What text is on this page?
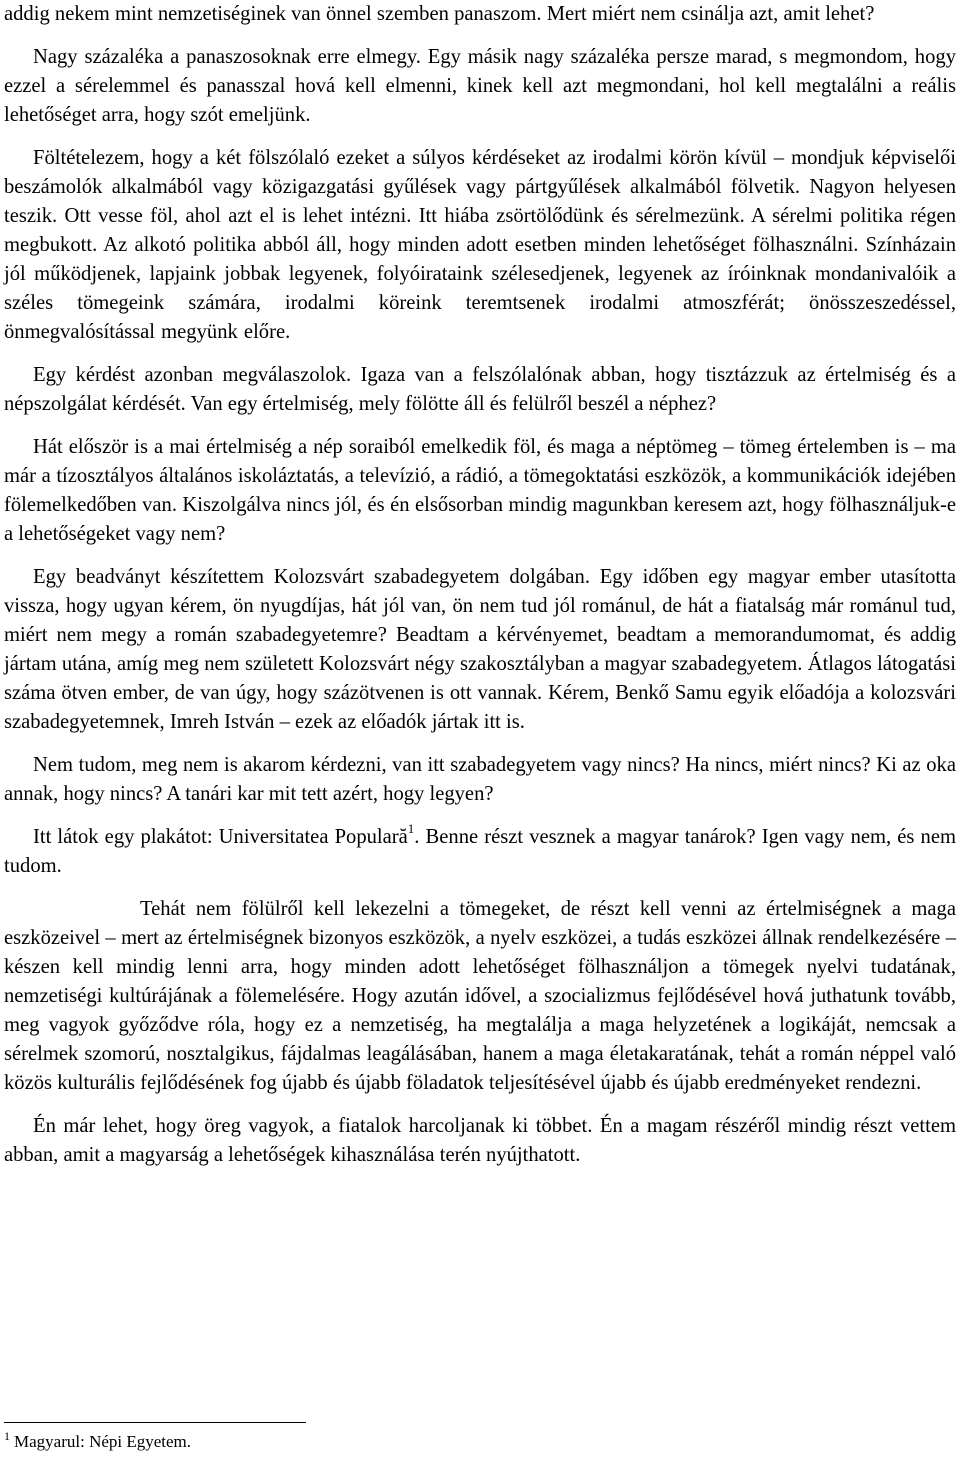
addig nekem mint nemzetiséginek van önnel szemben panaszom. Mert miért nem csinálja azt, amit lehet?

Nagy százaléka a panaszosoknak erre elmegy. Egy másik nagy százaléka persze marad, s megmondom, hogy ezzel a sérelemmel és panasszal hová kell elmenni, kinek kell azt megmondani, hol kell megtalálni a reális lehetőséget arra, hogy szót emeljünk.

Föltételezem, hogy a két fölszólaló ezeket a súlyos kérdéseket az irodalmi körön kívül – mondjuk képviselői beszámolók alkalmából vagy közigazgatási gyűlések vagy pártgyűlések alkalmából fölvetik. Nagyon helyesen teszik. Ott vesse föl, ahol azt el is lehet intézni. Itt hiába zsörtölődünk és sérelmezünk. A sérelmi politika régen megbukott. Az alkotó politika abból áll, hogy minden adott esetben minden lehetőséget fölhasználni. Színházain jól működjenek, lapjaink jobbak legyenek, folyóirataink szélesedjenek, legyenek az íróinknak mondanivalóik a széles tömegeink számára, irodalmi köreink teremtsenek irodalmi atmoszférát; önösszeszedéssel, önmegvalósítással megyünk előre.

Egy kérdést azonban megválaszolok. Igaza van a felszólalónak abban, hogy tisztázzuk az értelmiség és a népszolgálat kérdését. Van egy értelmiség, mely fölötte áll és felülről beszél a néphez?

Hát először is a mai értelmiség a nép soraiból emelkedik föl, és maga a néptömeg – tömeg értelemben is – ma már a tízosztályos általános iskoláztatás, a televízió, a rádió, a tömegoktatási eszközök, a kommunikációk idejében fölemelkedőben van. Kiszolgálva nincs jól, és én elsősorban mindig magunkban keresem azt, hogy fölhasználjuk-e a lehetőségeket vagy nem?

Egy beadványt készítettem Kolozsvárt szabadegyetem dolgában. Egy időben egy magyar ember utasította vissza, hogy ugyan kérem, ön nyugdíjas, hát jól van, ön nem tud jól románul, de hát a fiatalság már románul tud, miért nem megy a román szabadegyetemre? Beadtam a kérvényemet, beadtam a memorandumomat, és addig jártam utána, amíg meg nem született Kolozsvárt négy szakosztályban a magyar szabadegyetem. Átlagos látogatási száma ötven ember, de van úgy, hogy százötvenen is ott vannak. Kérem, Benkő Samu egyik előadója a kolozsvári szabadegyetemnek, Imreh István – ezek az előadók jártak itt is.

Nem tudom, meg nem is akarom kérdezni, van itt szabadegyetem vagy nincs? Ha nincs, miért nincs? Ki az oka annak, hogy nincs? A tanári kar mit tett azért, hogy legyen?

Itt látok egy plakátot: Universitatea Populară$^1$. Benne részt vesznek a magyar tanárok? Igen vagy nem, és nem tudom.

Tehát nem fölülről kell lekezelni a tömegeket, de részt kell venni az értelmiségnek a maga eszközeivel – mert az értelmiségnek bizonyos eszközök, a nyelv eszközei, a tudás eszközei állnak rendelkezésére – készen kell mindig lenni arra, hogy minden adott lehetőséget fölhasználjon a tömegek nyelvi tudatának, nemzetiségi kultúrájának a fölemelésére. Hogy azután idővel, a szocializmus fejlődésével hová juthatunk tovább, meg vagyok győződve róla, hogy ez a nemzetiség, ha megtalálja a maga helyzetének a logikáját, nemcsak a sérelmek szomorú, nosztalgikus, fájdalmas leagálásában, hanem a maga életakaratának, tehát a román néppel való közös kulturális fejlődésének fog újabb és újabb föladatok teljesítésével újabb és újabb eredményeket rendezni.

Én már lehet, hogy öreg vagyok, a fiatalok harcoljanak ki többet. Én a magam részéről mindig részt vettem abban, amit a magyarság a lehetőségek kihasználása terén nyújthatott.

$^1$ Magyarul: Népi Egyetem.
